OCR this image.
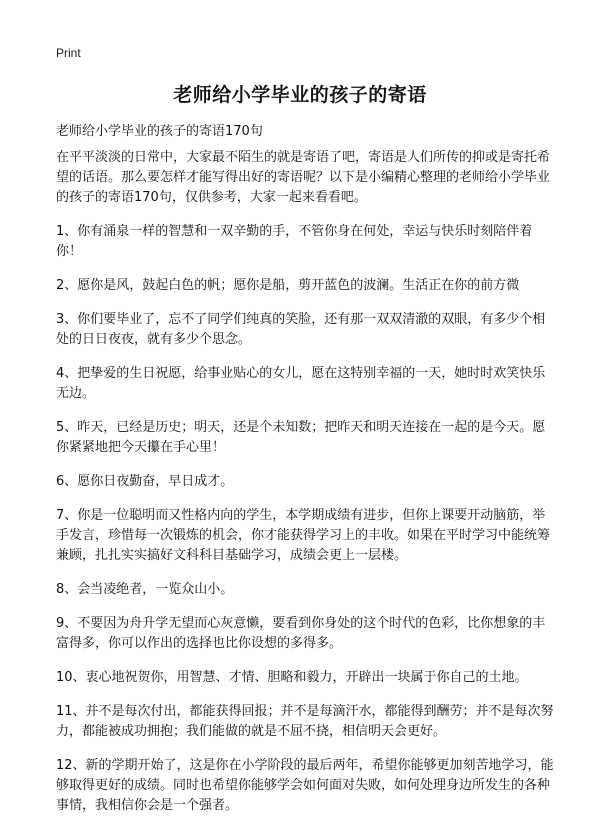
Print
老师给小学毕业的孩子的寄语

老师给小学毕业的孩子的寄语170句

在平平淡淡的日常中，大家最不陌生的就是寄语了吧，寄语是人们所传的抑或是寄托希望的话语。那么要怎样才能写得出好的寄语呢？以下是小编精心整理的老师给小学毕业的孩子的寄语170句，仅供参考，大家一起来看看吧。

1、你有涌泉一样的智慧和一双辛勤的手，不管你身在何处，幸运与快乐时刻陪伴着你！

2、愿你是风，鼓起白色的帆；愿你是船，剪开蓝色的波澜。生活正在你的前方微

3、你们要毕业了，忘不了同学们纯真的笑脸，还有那一双双清澈的双眼，有多少个相处的日日夜夜，就有多少个思念。

4、把挚爱的生日祝愿，给事业贴心的女儿，愿在这特别幸福的一天，她时时欢笑快乐无边。

5、昨天，已经是历史；明天，还是个未知数；把昨天和明天连接在一起的是今天。愿你紧紧地把今天攥在手心里！

6、愿你日夜勤奋，早日成才。

7、你是一位聪明而又性格内向的学生，本学期成绩有进步，但你上课要开动脑筋，举手发言，珍惜每一次锻炼的机会，你才能获得学习上的丰收。如果在平时学习中能统筹兼顾，扎扎实实搞好文科科目基础学习，成绩会更上一层楼。

8、会当凌绝者，一览众山小。

9、不要因为舟升学无望而心灰意懒，要看到你身处的这个时代的色彩，比你想象的丰富得多，你可以作出的选择也比你设想的多得多。

10、衷心地祝贺你，用智慧、才情、胆略和毅力，开辟出一块属于你自己的土地。

11、并不是每次付出，都能获得回报；并不是每滴汗水，都能得到酬劳；并不是每次努力，都能被成功拥抱；我们能做的就是不屈不挠，相信明天会更好。

12、新的学期开始了，这是你在小学阶段的最后两年，希望你能够更加刻苦地学习，能够取得更好的成绩。同时也希望你能够学会如何面对失败，如何处理身边所发生的各种事情，我相信你会是一个强者。
